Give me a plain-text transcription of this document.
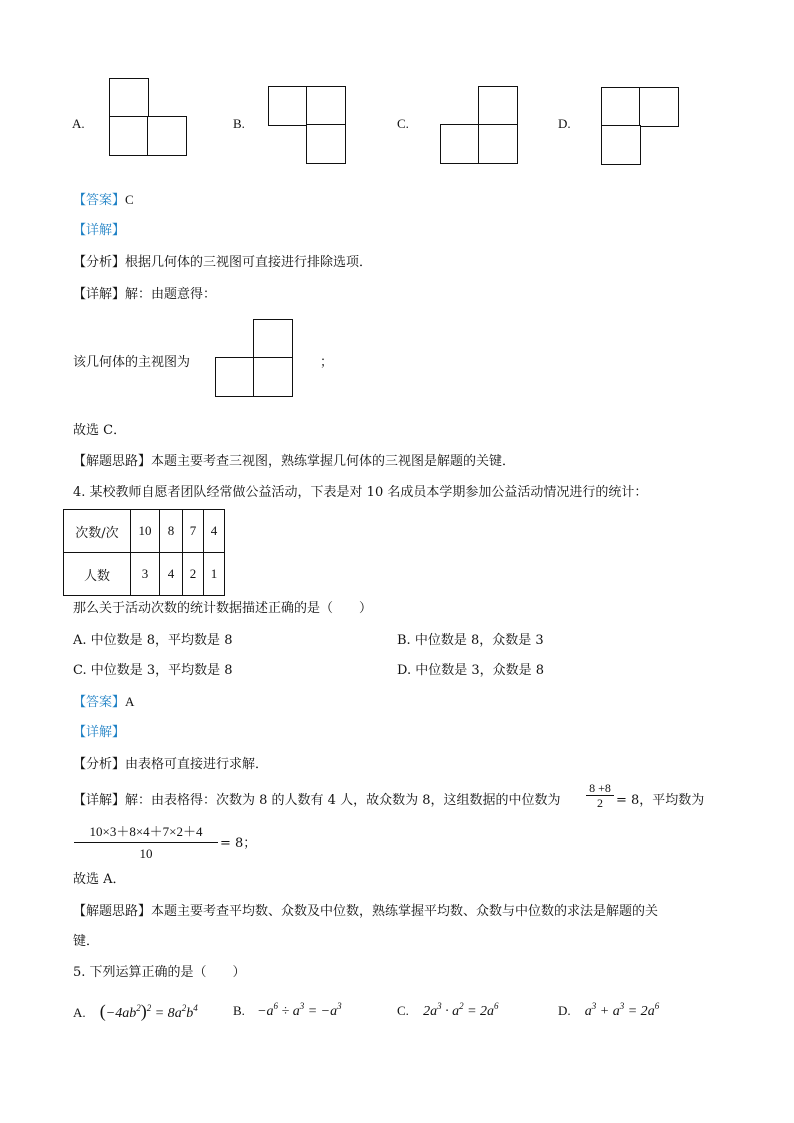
A.	B.	C.	D.
【答案】C
【详解】
【分析】根据几何体的三视图可直接进行排除选项．
【详解】解：由题意得：
该几何体的主视图为	；
故选 C．
【解题思路】本题主要考查三视图，熟练掌握几何体的三视图是解题的关键．
4. 某校教师自愿者团队经常做公益活动，下表是对 10 名成员本学期参加公益活动情况进行的统计：
次数/次	10	8	7	4
人数	3	4	2	1
那么关于活动次数的统计数据描述正确的是（　　）
A. 中位数是 8，平均数是 8	B. 中位数是 8，众数是 3
C. 中位数是 3，平均数是 8	D. 中位数是 3，众数是 8
【答案】A
【详解】
【分析】由表格可直接进行求解．
【详解】解：由表格得：次数为 8 的人数有 4 人，故众数为 8，这组数据的中位数为 $\frac{8 +8}{2} = 8$，平均数为
$\frac{10\times 3+8\times 4+7\times 2+4}{10} = 8$；
故选 A．
【解题思路】本题主要考查平均数、众数及中位数，熟练掌握平均数、众数与中位数的求法是解题的关
键．
5. 下列运算正确的是（　　）
A. $(-4ab^2)^2 = 8a^2b^4$	B. $-a^6 \div a^3 = -a^3$	C. $2a^3 \cdot a^2 = 2a^6$	D. $a^3 + a^3 = 2a^6$
